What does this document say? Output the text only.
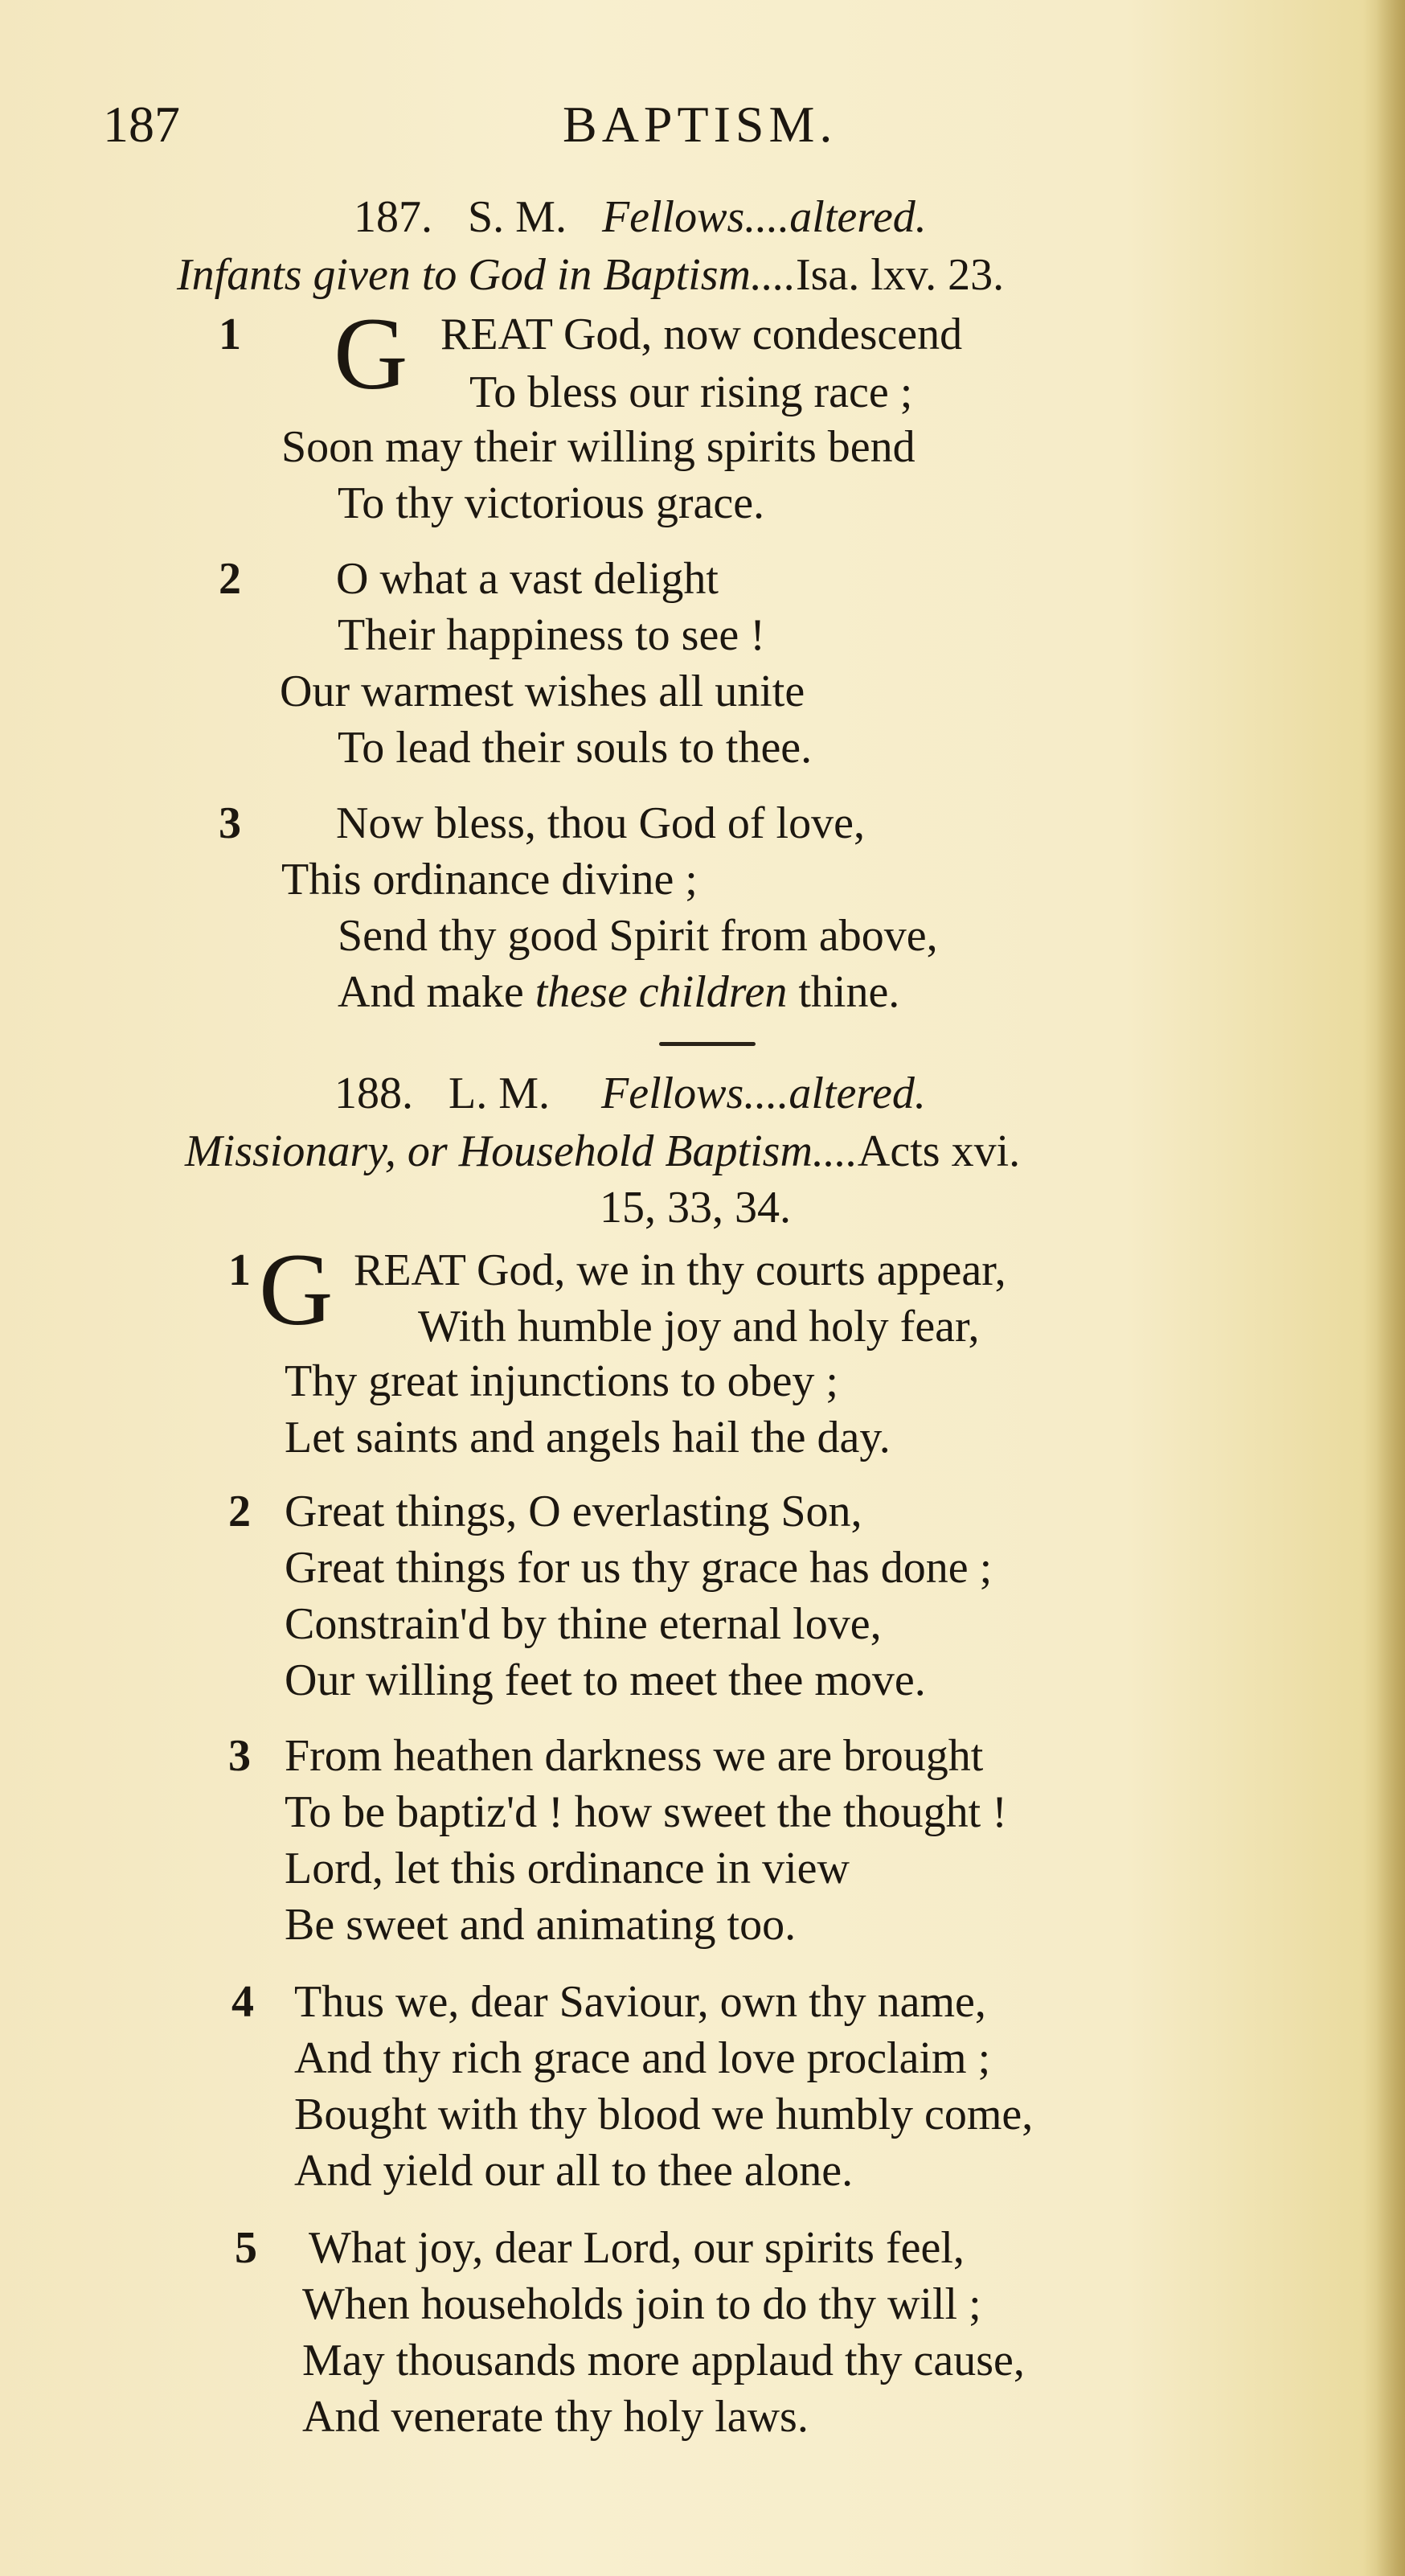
187	BAPTISM.
187. S. M. Fellows....altered.
Infants given to God in Baptism....Isa. lxv. 23.
1 G REAT God, now condescend
To bless our rising race ;
Soon may their willing spirits bend
To thy victorious grace.
2 O what a vast delight
Their happiness to see !
Our warmest wishes all unite
To lead their souls to thee.
3 Now bless, thou God of love,
This ordinance divine ;
Send thy good Spirit from above,
And make these children thine.
188. L. M. Fellows....altered.
Missionary, or Household Baptism....Acts xvi.
15, 33, 34.
1 G REAT God, we in thy courts appear,
With humble joy and holy fear,
Thy great injunctions to obey ;
Let saints and angels hail the day.
2 Great things, O everlasting Son,
Great things for us thy grace has done ;
Constrain'd by thine eternal love,
Our willing feet to meet thee move.
3 From heathen darkness we are brought
To be baptiz'd ! how sweet the thought !
Lord, let this ordinance in view
Be sweet and animating too.
4 Thus we, dear Saviour, own thy name,
And thy rich grace and love proclaim ;
Bought with thy blood we humbly come,
And yield our all to thee alone.
5 What joy, dear Lord, our spirits feel,
When households join to do thy will ;
May thousands more applaud thy cause,
And venerate thy holy laws.
